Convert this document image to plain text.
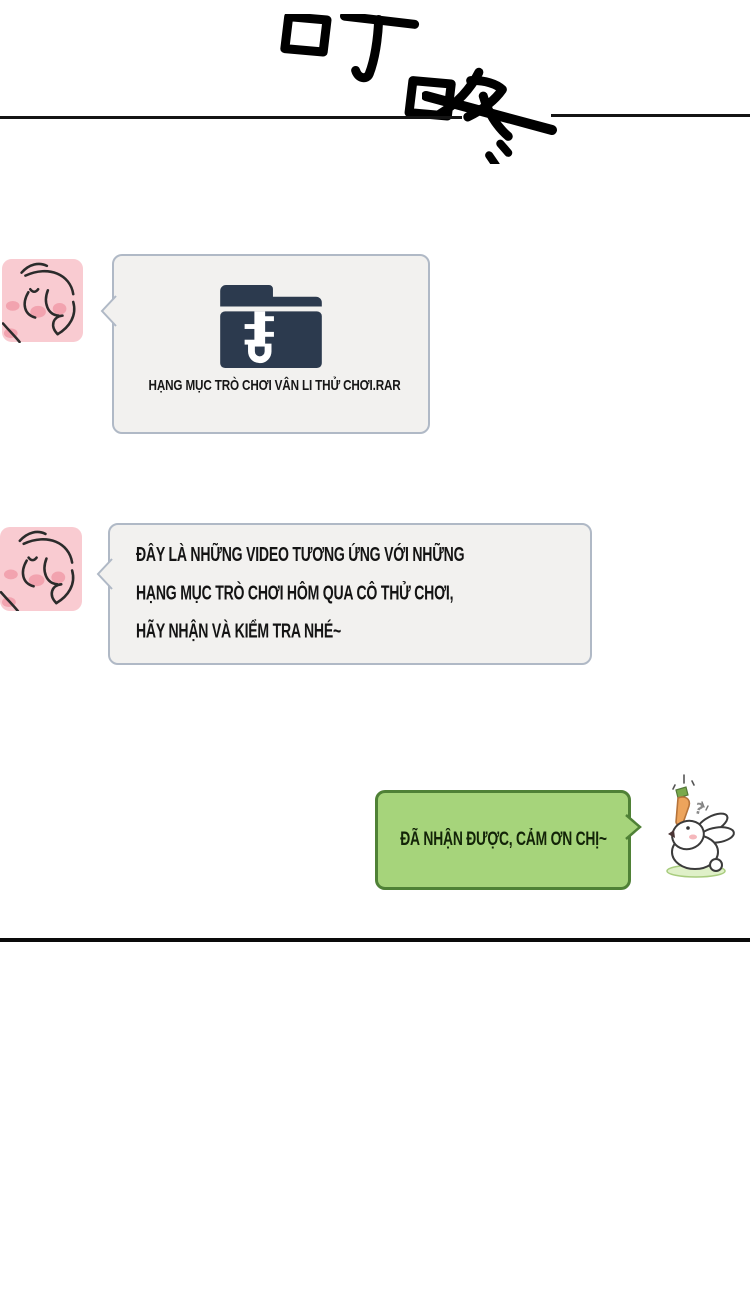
HẠNG MỤC TRÒ CHƠI VÂN LI THỬ CHƠI.RAR
ĐÂY LÀ NHỮNG VIDEO TƯƠNG ỨNG VỚI NHỮNG HẠNG MỤC TRÒ CHƠI HÔM QUA CÔ THỬ CHƠI, HÃY NHẬN VÀ KIỂM TRA NHÉ~
ĐÃ NHẬN ĐƯỢC, CẢM ƠN CHỊ~
?
